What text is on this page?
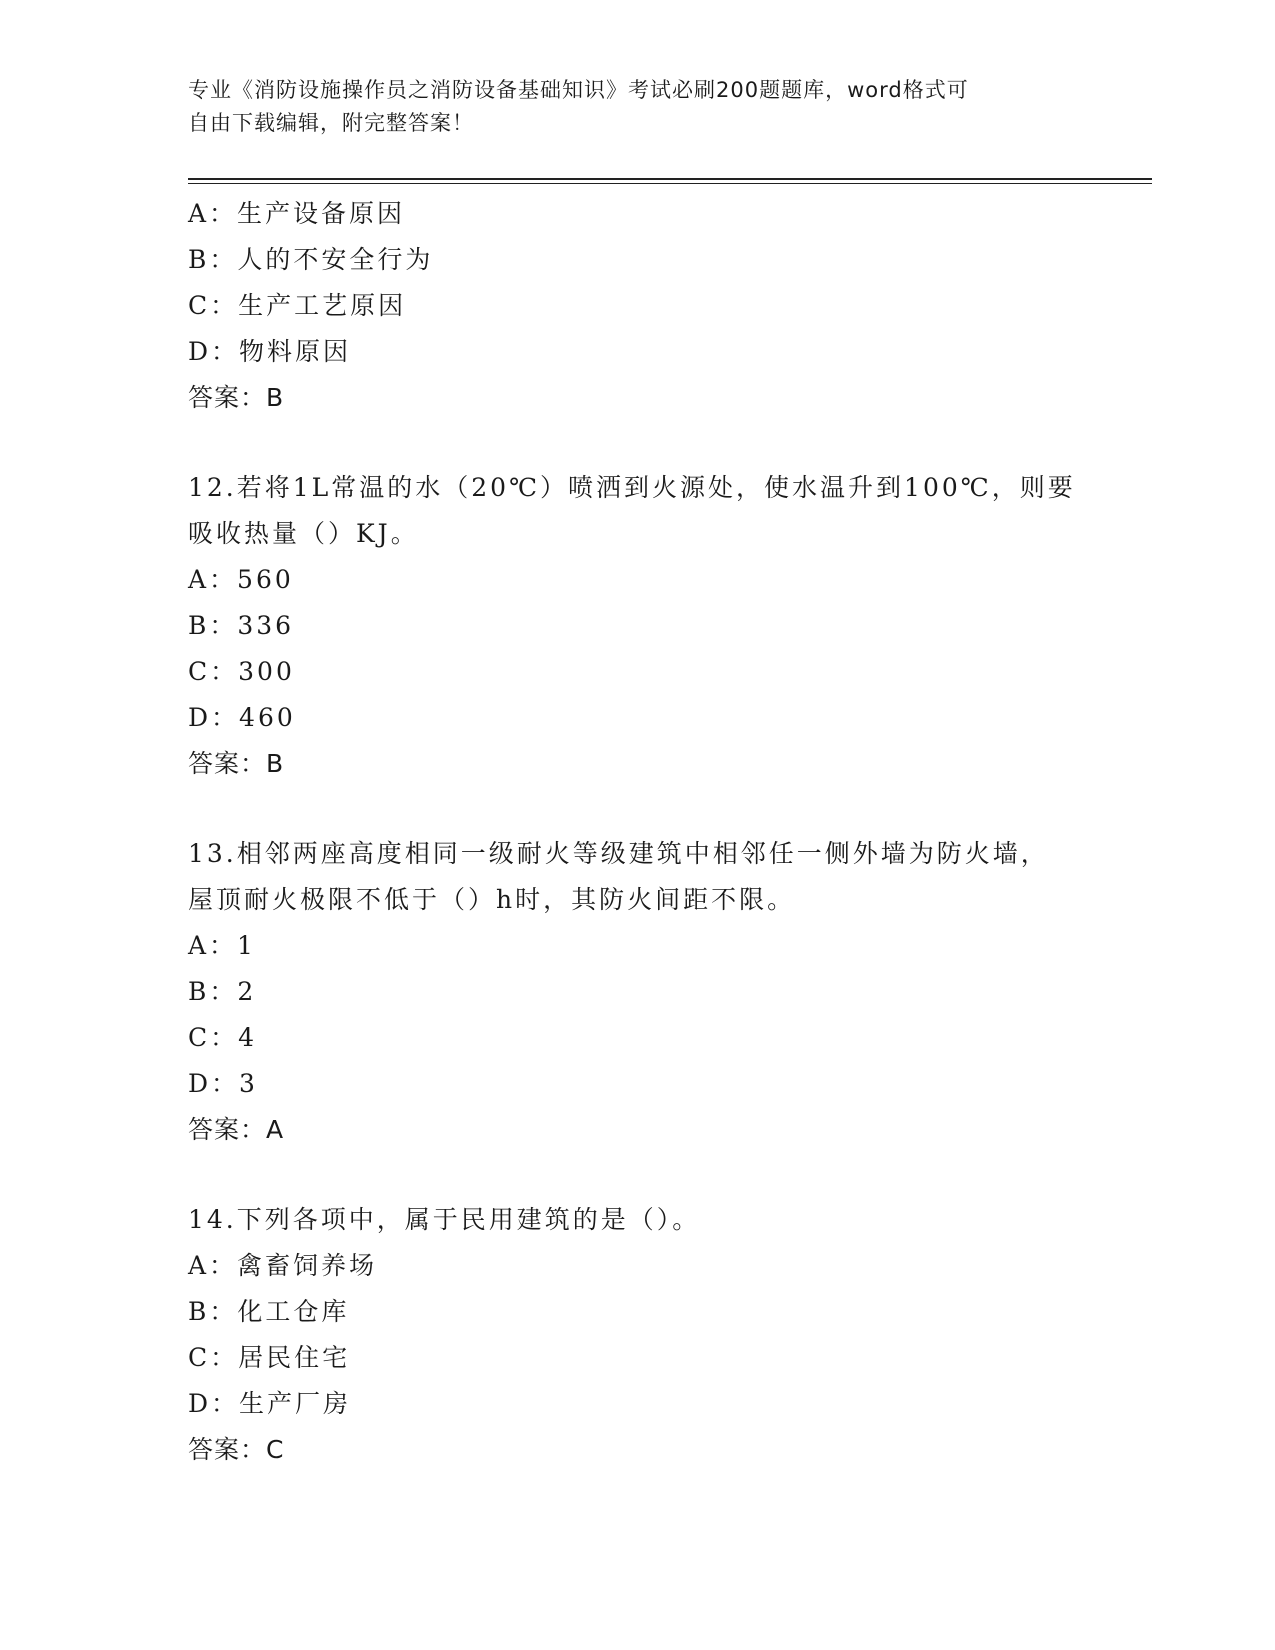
专业《消防设施操作员之消防设备基础知识》考试必刷200题题库，word格式可
自由下载编辑，附完整答案！
A：生产设备原因
B：人的不安全行为
C：生产工艺原因
D：物料原因
答案：B
12.若将1L常温的水（20℃）喷洒到火源处，使水温升到100℃，则要
吸收热量（）KJ。
A：560
B：336
C：300
D：460
答案：B
13.相邻两座高度相同一级耐火等级建筑中相邻任一侧外墙为防火墙，
屋顶耐火极限不低于（）h时，其防火间距不限。
A：1
B：2
C：4
D：3
答案：A
14.下列各项中，属于民用建筑的是（）。
A：禽畜饲养场
B：化工仓库
C：居民住宅
D：生产厂房
答案：C
